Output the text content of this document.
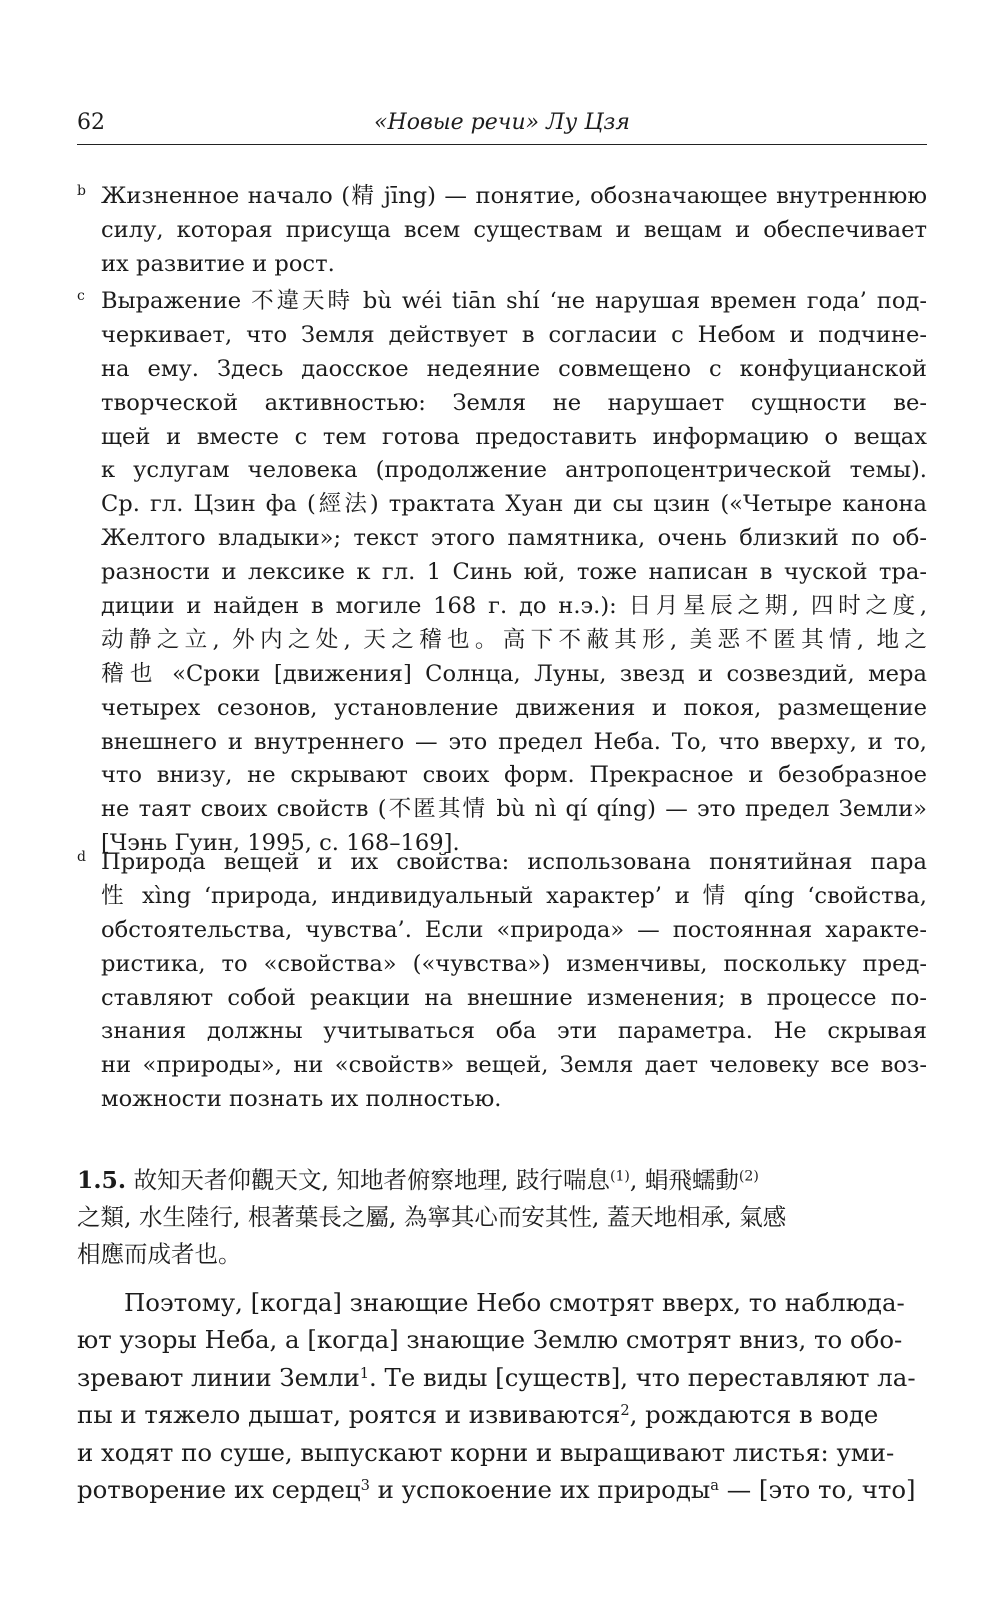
62	«Новые речи» Лу Цзя
b Жизненное начало (精 jīng) — понятие, обозначающее внутреннюю
силу, которая присуща всем существам и вещам и обеспечивает
их развитие и рост.
c Выражение 不違天時 bù wéi tiān shí ‘не нарушая времен года’ под-
черкивает, что Земля действует в согласии с Небом и подчине-
на ему. Здесь даосское недеяние совмещено с конфуцианской
творческой активностью: Земля не нарушает сущности ве-
щей и вместе с тем готова предоставить информацию о вещах
к услугам человека (продолжение антропоцентрической темы).
Ср. гл. Цзин фа (經法) трактата Хуан ди сы цзин («Четыре канона
Желтого владыки»; текст этого памятника, очень близкий по об-
разности и лексике к гл. 1 Синь юй, тоже написан в чуской тра-
диции и найден в могиле 168 г. до н.э.): 日月星辰之期, 四时之度,
动静之立, 外内之处, 天之稽也。高下不蔽其形, 美恶不匿其情, 地之
稽也 «Сроки [движения] Солнца, Луны, звезд и созвездий, мера
четырех сезонов, установление движения и покоя, размещение
внешнего и внутреннего — это предел Неба. То, что вверху, и то,
что внизу, не скрывают своих форм. Прекрасное и безобразное
не таят своих свойств (不匿其情 bù nì qí qíng) — это предел Земли»
[Чэнь Гуин, 1995, с. 168–169].
d Природа вещей и их свойства: использована понятийная пара
性 xìng ‘природа, индивидуальный характер’ и 情 qíng ‘свойства,
обстоятельства, чувства’. Если «природа» — постоянная характе-
ристика, то «свойства» («чувства») изменчивы, поскольку пред-
ставляют собой реакции на внешние изменения; в процессе по-
знания должны учитываться оба эти параметра. Не скрывая
ни «природы», ни «свойств» вещей, Земля дает человеку все воз-
можности познать их полностью.
1.5. 故知天者仰觀天文, 知地者俯察地理, 跂行喘息$^{(1)}$, 蜎飛蠕動$^{(2)}$
之類, 水生陸行, 根著葉長之屬, 為寧其心而安其性, 蓋天地相承, 氣感
相應而成者也。
Поэтому, [когда] знающие Небо смотрят вверх, то наблюда-
ют узоры Неба, а [когда] знающие Землю смотрят вниз, то обо-
зревают линии Земли$^1$. Те виды [существ], что переставляют ла-
пы и тяжело дышат, роятся и извиваются$^2$, рождаются в воде
и ходят по суше, выпускают корни и выращивают листья: уми-
ротворение их сердец$^3$ и успокоение их природы$^a$ — [это то, что]
